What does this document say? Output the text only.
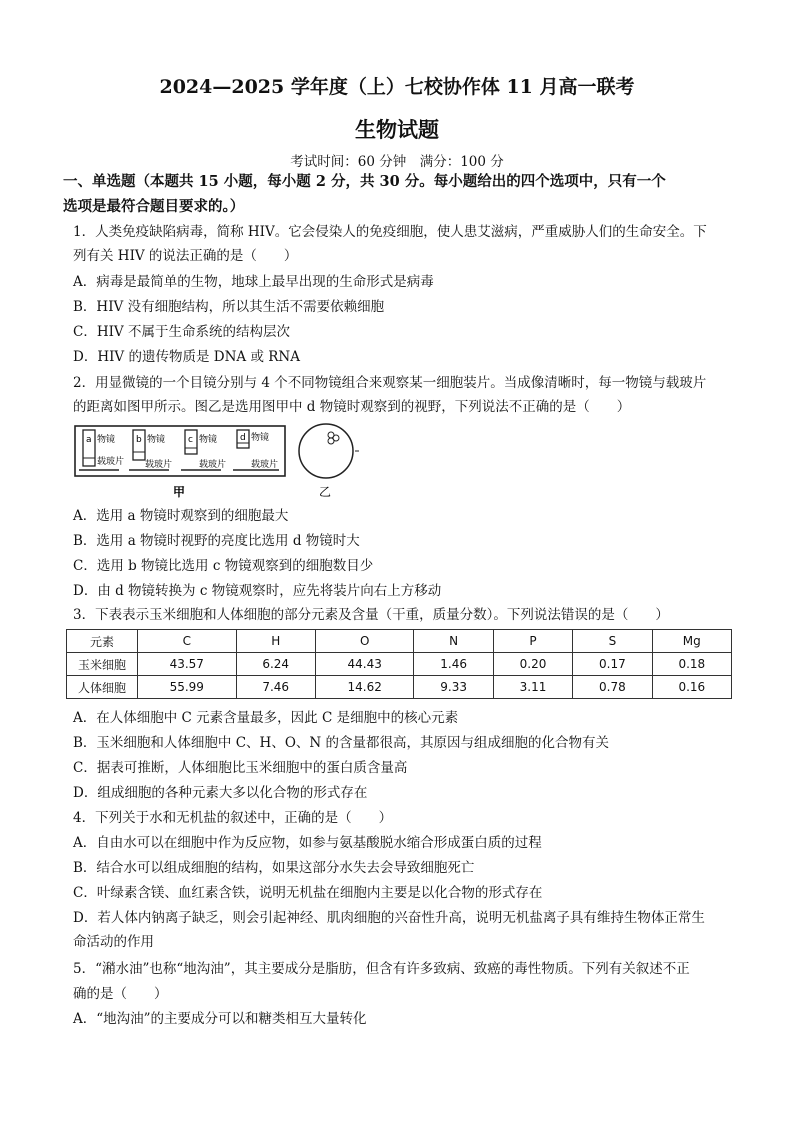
2024—2025 学年度（上）七校协作体 11 月高一联考
生物试题
考试时间：60 分钟　满分：100 分
一、单选题（本题共 15 小题，每小题 2 分，共 30 分。每小题给出的四个选项中，只有一个
选项是最符合题目要求的。）
1．人类免疫缺陷病毒，简称 HIV。它会侵染人的免疫细胞，使人患艾滋病，严重威胁人们的生命安全。下
列有关 HIV 的说法正确的是（　　）
A．病毒是最简单的生物，地球上最早出现的生命形式是病毒
B．HIV 没有细胞结构，所以其生活不需要依赖细胞
C．HIV 不属于生命系统的结构层次
D．HIV 的遗传物质是 DNA 或 RNA
2．用显微镜的一个目镜分别与 4 个不同物镜组合来观察某一细胞装片。当成像清晰时，每一物镜与载玻片
的距离如图甲所示。图乙是选用图甲中 d 物镜时观察到的视野，下列说法不正确的是（　　）
a 物镜
载玻片
b 物镜
载玻片
c 物镜
载玻片
d 物镜
载玻片
甲	乙
A．选用 a 物镜时观察到的细胞最大
B．选用 a 物镜时视野的亮度比选用 d 物镜时大
C．选用 b 物镜比选用 c 物镜观察到的细胞数目少
D．由 d 物镜转换为 c 物镜观察时，应先将装片向右上方移动
3．下表表示玉米细胞和人体细胞的部分元素及含量（干重，质量分数）。下列说法错误的是（　　）
元素	C	H	O	N	P	S	Mg
玉米细胞	43.57	6.24	44.43	1.46	0.20	0.17	0.18
人体细胞	55.99	7.46	14.62	9.33	3.11	0.78	0.16
A．在人体细胞中 C 元素含量最多，因此 C 是细胞中的核心元素
B．玉米细胞和人体细胞中 C、H、O、N 的含量都很高，其原因与组成细胞的化合物有关
C．据表可推断，人体细胞比玉米细胞中的蛋白质含量高
D．组成细胞的各种元素大多以化合物的形式存在
4．下列关于水和无机盐的叙述中，正确的是（　　）
A．自由水可以在细胞中作为反应物，如参与氨基酸脱水缩合形成蛋白质的过程
B．结合水可以组成细胞的结构，如果这部分水失去会导致细胞死亡
C．叶绿素含镁、血红素含铁，说明无机盐在细胞内主要是以化合物的形式存在
D．若人体内钠离子缺乏，则会引起神经、肌肉细胞的兴奋性升高，说明无机盐离子具有维持生物体正常生
命活动的作用
5．“潲水油”也称“地沟油”，其主要成分是脂肪，但含有许多致病、致癌的毒性物质。下列有关叙述不正
确的是（　　）
A．“地沟油”的主要成分可以和糖类相互大量转化
